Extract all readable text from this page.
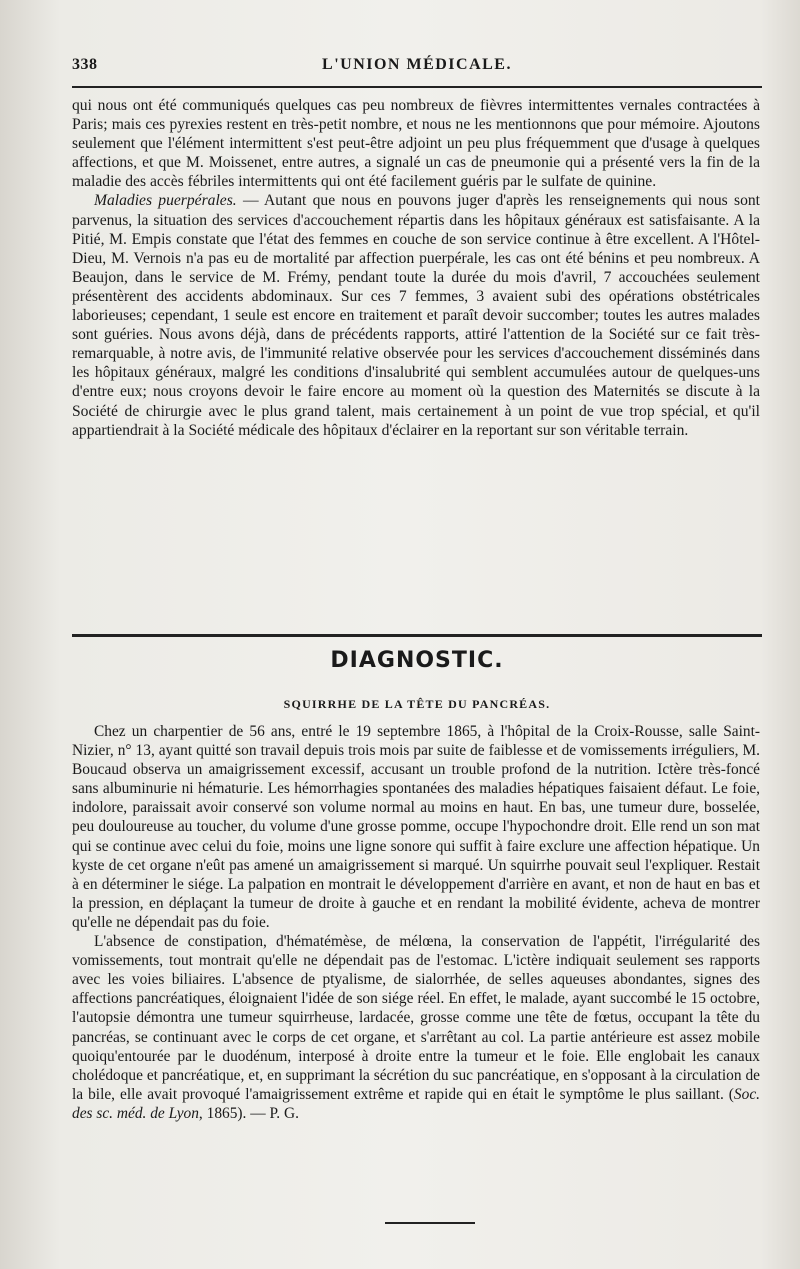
338	L'UNION MÉDICALE.

qui nous ont été communiqués quelques cas peu nombreux de fièvres intermittentes vernales contractées à Paris; mais ces pyrexies restent en très-petit nombre, et nous ne les mentionnons que pour mémoire. Ajoutons seulement que l'élément intermittent s'est peut-être adjoint un peu plus fréquemment que d'usage à quelques affections, et que M. Moissenet, entre autres, a signalé un cas de pneumonie qui a présenté vers la fin de la maladie des accès fébriles intermittents qui ont été facilement guéris par le sulfate de quinine.

Maladies puerpérales. — Autant que nous en pouvons juger d'après les renseignements qui nous sont parvenus, la situation des services d'accouchement répartis dans les hôpitaux généraux est satisfaisante. A la Pitié, M. Empis constate que l'état des femmes en couche de son service continue à être excellent. A l'Hôtel-Dieu, M. Vernois n'a pas eu de mortalité par affection puerpérale, les cas ont été bénins et peu nombreux. A Beaujon, dans le service de M. Frémy, pendant toute la durée du mois d'avril, 7 accouchées seulement présentèrent des accidents abdominaux. Sur ces 7 femmes, 3 avaient subi des opérations obstétricales laborieuses; cependant, 1 seule est encore en traitement et paraît devoir succomber; toutes les autres malades sont guéries. Nous avons déjà, dans de précédents rapports, attiré l'attention de la Société sur ce fait très-remarquable, à notre avis, de l'immunité relative observée pour les services d'accouchement disséminés dans les hôpitaux généraux, malgré les conditions d'insalubrité qui semblent accumulées autour de quelques-uns d'entre eux; nous croyons devoir le faire encore au moment où la question des Maternités se discute à la Société de chirurgie avec le plus grand talent, mais certainement à un point de vue trop spécial, et qu'il appartiendrait à la Société médicale des hôpitaux d'éclairer en la reportant sur son véritable terrain.

DIAGNOSTIC.
SQUIRRHE DE LA TÊTE DU PANCRÉAS.

Chez un charpentier de 56 ans, entré le 19 septembre 1865, à l'hôpital de la Croix-Rousse, salle Saint-Nizier, n° 13, ayant quitté son travail depuis trois mois par suite de faiblesse et de vomissements irréguliers, M. Boucaud observa un amaigrissement excessif, accusant un trouble profond de la nutrition. Ictère très-foncé sans albuminurie ni hématurie. Les hémorrhagies spontanées des maladies hépatiques faisaient défaut. Le foie, indolore, paraissait avoir conservé son volume normal au moins en haut. En bas, une tumeur dure, bosselée, peu douloureuse au toucher, du volume d'une grosse pomme, occupe l'hypochondre droit. Elle rend un son mat qui se continue avec celui du foie, moins une ligne sonore qui suffit à faire exclure une affection hépatique. Un kyste de cet organe n'eût pas amené un amaigrissement si marqué. Un squirrhe pouvait seul l'expliquer. Restait à en déterminer le siége. La palpation en montrait le développement d'arrière en avant, et non de haut en bas et la pression, en déplaçant la tumeur de droite à gauche et en rendant la mobilité évidente, acheva de montrer qu'elle ne dépendait pas du foie.

L'absence de constipation, d'hématémèse, de mélœna, la conservation de l'appétit, l'irrégularité des vomissements, tout montrait qu'elle ne dépendait pas de l'estomac. L'ictère indiquait seulement ses rapports avec les voies biliaires. L'absence de ptyalisme, de sialorrhée, de selles aqueuses abondantes, signes des affections pancréatiques, éloignaient l'idée de son siége réel. En effet, le malade, ayant succombé le 15 octobre, l'autopsie démontra une tumeur squirrheuse, lardacée, grosse comme une tête de fœtus, occupant la tête du pancréas, se continuant avec le corps de cet organe, et s'arrêtant au col. La partie antérieure est assez mobile quoiqu'entourée par le duodénum, interposé à droite entre la tumeur et le foie. Elle englobait les canaux cholédoque et pancréatique, et, en supprimant la sécrétion du suc pancréatique, en s'opposant à la circulation de la bile, elle avait provoqué l'amaigrissement extrême et rapide qui en était le symptôme le plus saillant. (Soc. des sc. méd. de Lyon, 1865). — P. G.
